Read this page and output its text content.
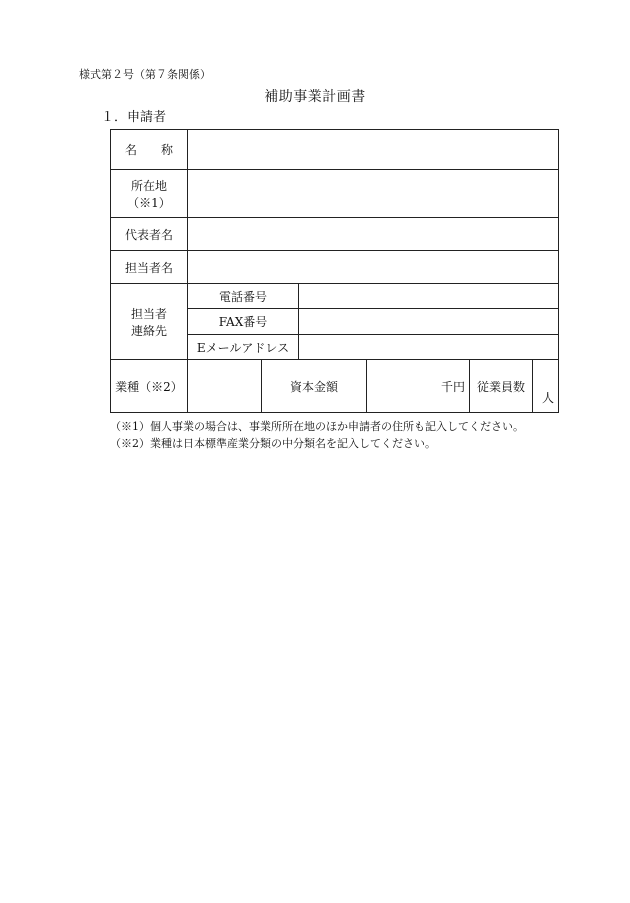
様式第２号（第７条関係）
補助事業計画書
１．申請者
名　　称						

所在地
（※1）						

代表者名						
担当者名						

担当者
連絡先	電話番号					
	FAX番号					
	Eメールアドレス					
業種（※2）		資本金額		千円	従業員数	人
（※1）個人事業の場合は、事業所所在地のほか申請者の住所も記入してください。
（※2）業種は日本標準産業分類の中分類名を記入してください。
